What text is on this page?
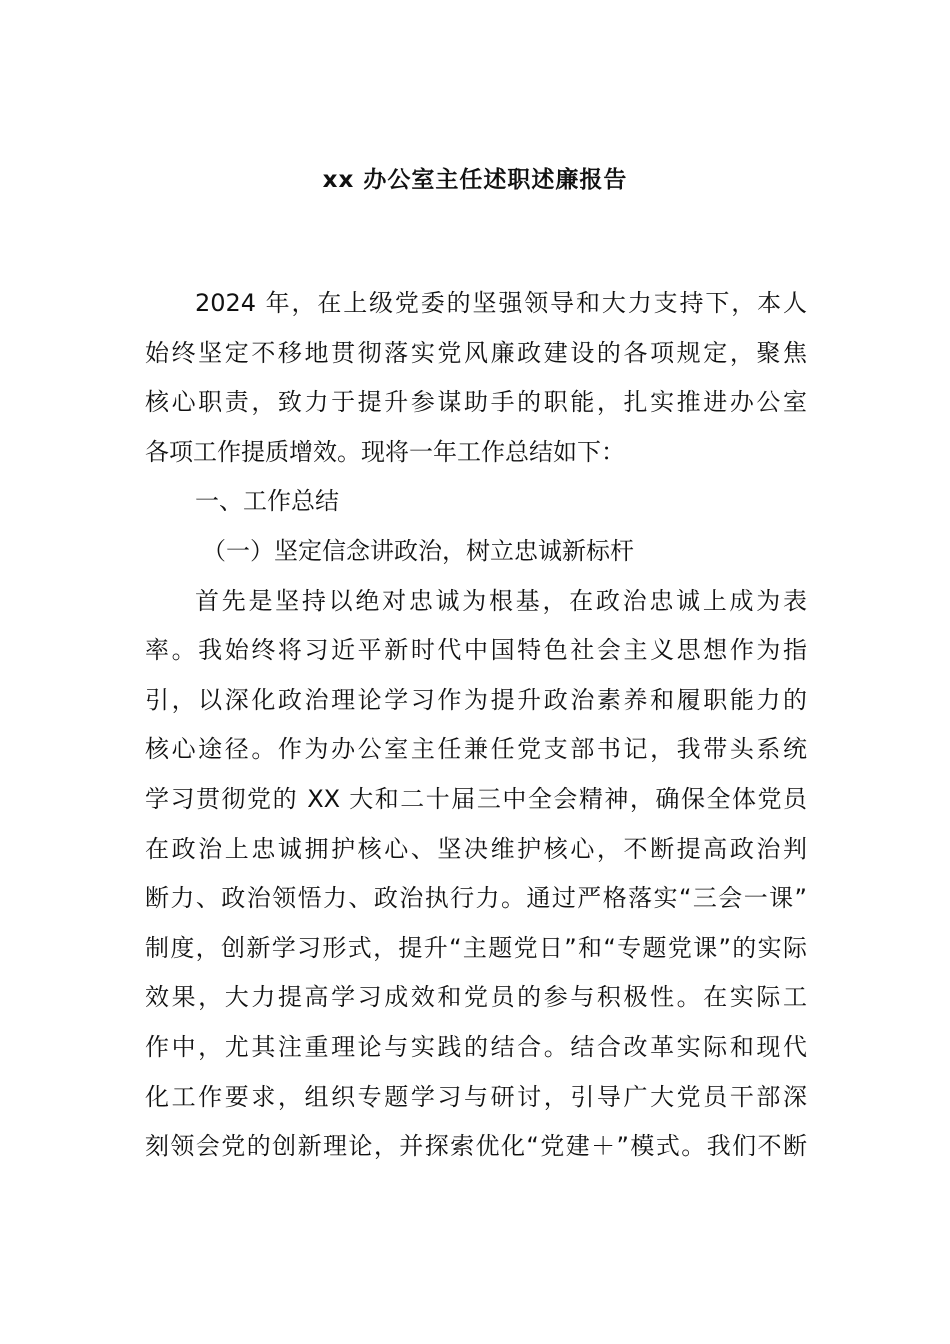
xx 办公室主任述职述廉报告
2024 年，在上级党委的坚强领导和大力支持下，本人
始终坚定不移地贯彻落实党风廉政建设的各项规定，聚焦
核心职责，致力于提升参谋助手的职能，扎实推进办公室
各项工作提质增效。现将一年工作总结如下：
一、工作总结
（一）坚定信念讲政治，树立忠诚新标杆
首先是坚持以绝对忠诚为根基，在政治忠诚上成为表
率。我始终将习近平新时代中国特色社会主义思想作为指
引，以深化政治理论学习作为提升政治素养和履职能力的
核心途径。作为办公室主任兼任党支部书记，我带头系统
学习贯彻党的 XX 大和二十届三中全会精神，确保全体党员
在政治上忠诚拥护核心、坚决维护核心，不断提高政治判
断力、政治领悟力、政治执行力。通过严格落实“三会一课”
制度，创新学习形式，提升“主题党日”和“专题党课”的实际
效果，大力提高学习成效和党员的参与积极性。在实际工
作中，尤其注重理论与实践的结合。结合改革实际和现代
化工作要求，组织专题学习与研讨，引导广大党员干部深
刻领会党的创新理论，并探索优化“党建＋”模式。我们不断
